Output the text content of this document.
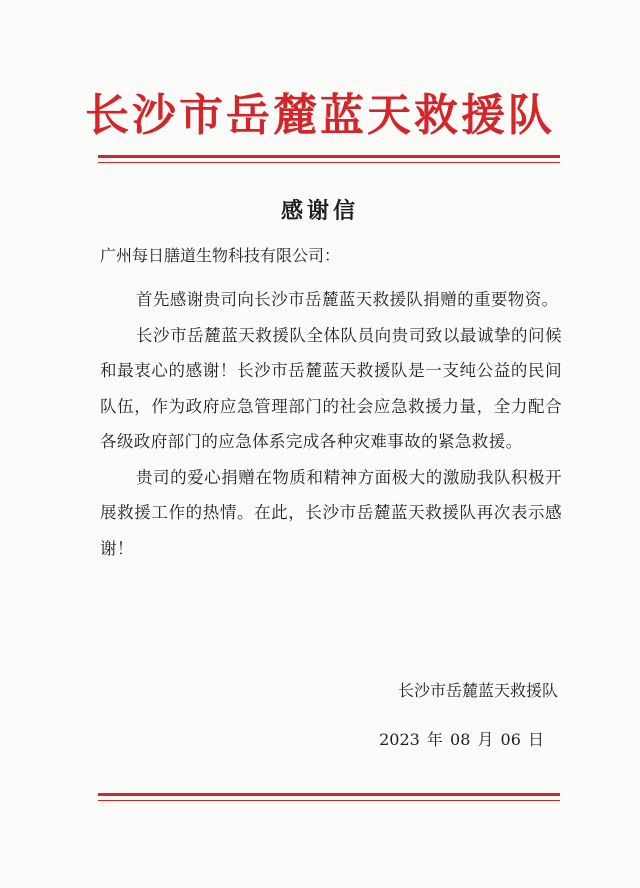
长沙市岳麓蓝天救援队
感谢信
广州每日膳道生物科技有限公司：

首先感谢贵司向长沙市岳麓蓝天救援队捐赠的重要物资。

长沙市岳麓蓝天救援队全体队员向贵司致以最诚挚的问候和最衷心的感谢！长沙市岳麓蓝天救援队是一支纯公益的民间队伍，作为政府应急管理部门的社会应急救援力量，全力配合各级政府部门的应急体系完成各种灾难事故的紧急救援。

贵司的爱心捐赠在物质和精神方面极大的激励我队积极开展救援工作的热情。在此，长沙市岳麓蓝天救援队再次表示感谢！

长沙市岳麓蓝天救援队
2023 年 08 月 06 日
